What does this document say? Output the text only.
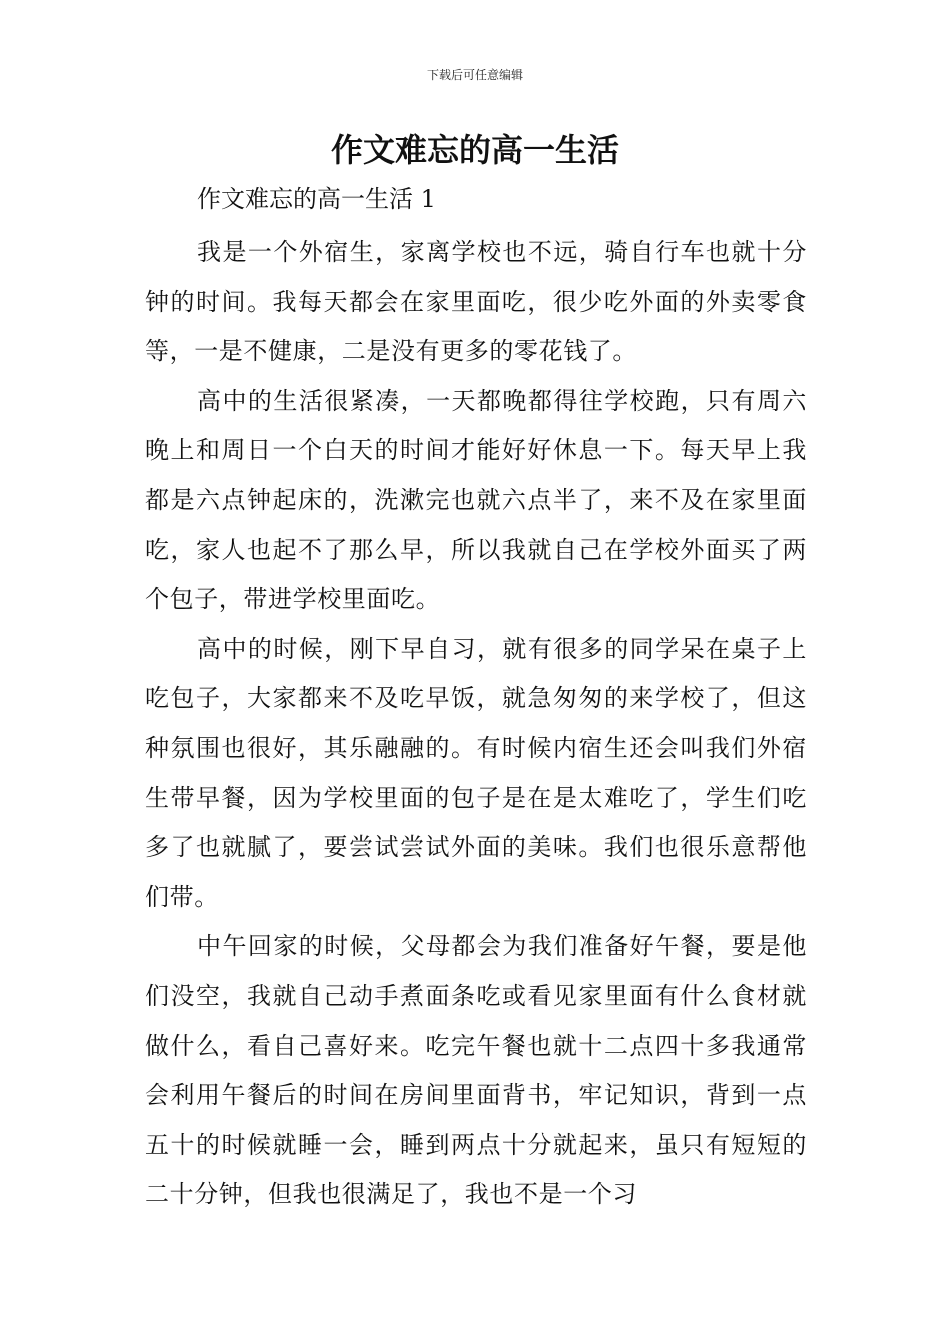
下载后可任意编辑
作文难忘的高一生活

作文难忘的高一生活 1

我是一个外宿生，家离学校也不远，骑自行车也就十分钟的时间。我每天都会在家里面吃，很少吃外面的外卖零食等，一是不健康，二是没有更多的零花钱了。

高中的生活很紧凑，一天都晚都得往学校跑，只有周六晚上和周日一个白天的时间才能好好休息一下。每天早上我都是六点钟起床的，洗漱完也就六点半了，来不及在家里面吃，家人也起不了那么早，所以我就自己在学校外面买了两个包子，带进学校里面吃。

高中的时候，刚下早自习，就有很多的同学呆在桌子上吃包子，大家都来不及吃早饭，就急匆匆的来学校了，但这种氛围也很好，其乐融融的。有时候内宿生还会叫我们外宿生带早餐，因为学校里面的包子是在是太难吃了，学生们吃多了也就腻了，要尝试尝试外面的美味。我们也很乐意帮他们带。

中午回家的时候，父母都会为我们准备好午餐，要是他们没空，我就自己动手煮面条吃或看见家里面有什么食材就做什么，看自己喜好来。吃完午餐也就十二点四十多我通常会利用午餐后的时间在房间里面背书，牢记知识，背到一点五十的时候就睡一会，睡到两点十分就起来，虽只有短短的二十分钟，但我也很满足了，我也不是一个习
